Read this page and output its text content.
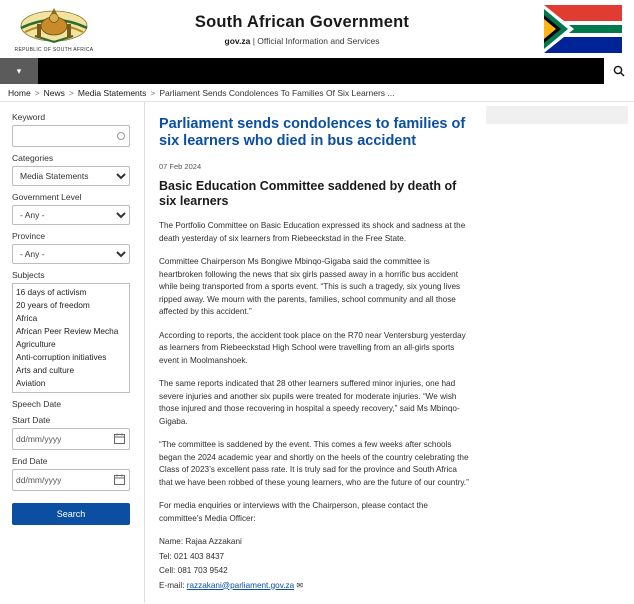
REPUBLIC OF SOUTH AFRICA
South African Government
gov.za | Official Information and Services
▾
Home > News > Media Statements > Parliament Sends Condolences To Families Of Six Learners ...
Keyword
Categories
Media Statements
Government Level
- Any -
Province
- Any -
Subjects
16 days of activism
20 years of freedom
Africa
African Peer Review Mecha
Agriculture
Anti-corruption initiatives
Arts and culture
Aviation
Speech Date
Start Date
dd/mm/yyyy
End Date
dd/mm/yyyy
Search
Parliament sends condolences to families of six learners who died in bus accident
07 Feb 2024
Basic Education Committee saddened by death of six learners

The Portfolio Committee on Basic Education expressed its shock and sadness at the death yesterday of six learners from Riebeeckstad in the Free State.

Committee Chairperson Ms Bongiwe Mbinqo-Gigaba said the committee is heartbroken following the news that six girls passed away in a horrific bus accident while being transported from a sports event. “This is such a tragedy, six young lives ripped away. We mourn with the parents, families, school community and all those affected by this accident.”

According to reports, the accident took place on the R70 near Ventersburg yesterday as learners from Riebeeckstad High School were travelling from an all-girls sports event in Moolmanshoek.

The same reports indicated that 28 other learners suffered minor injuries, one had severe injuries and another six pupils were treated for moderate injuries. “We wish those injured and those recovering in hospital a speedy recovery,” said Ms Mbinqo-Gigaba.

“The committee is saddened by the event. This comes a few weeks after schools began the 2024 academic year and shortly on the heels of the country celebrating the Class of 2023’s excellent pass rate. It is truly sad for the province and South Africa that we have been robbed of these young learners, who are the future of our country.”

For media enquiries or interviews with the Chairperson, please contact the committee’s Media Officer:

Name: Rajaa Azzakani
Tel: 021 403 8437
Cell: 081 703 9542
E-mail: razzakani@parliament.gov.za ✉
